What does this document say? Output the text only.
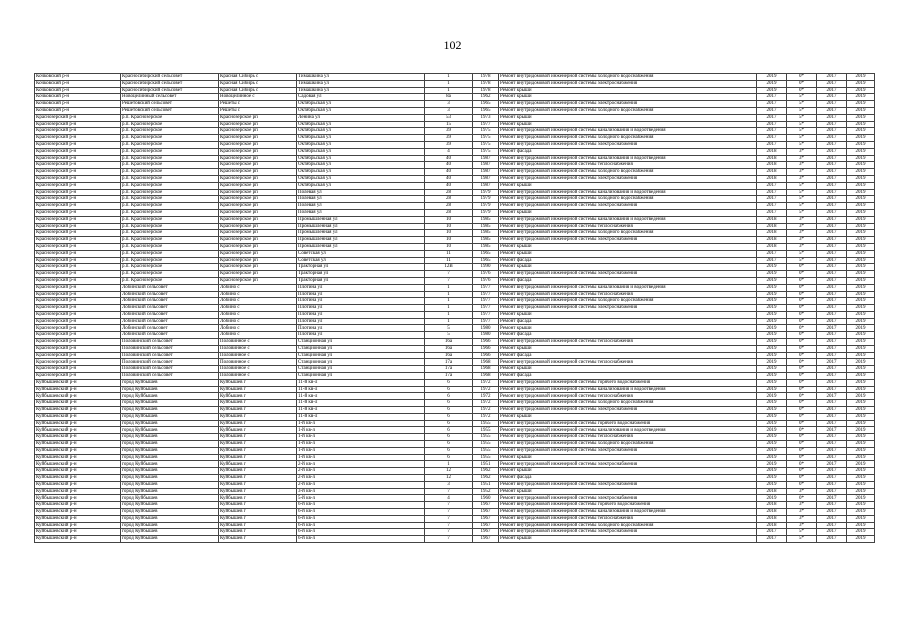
102
Кочковский р-н	Красносибирский сельсовет	Красная Сибирь с	Тимашкина ул	1	1978	Ремонт внутридомовой инженерной системы холодного водоснабжения	2019	0*	2017	2019
Кочковский р-н	Красносибирский сельсовет	Красная Сибирь с	Тимашкина ул	1	1978	Ремонт внутридомовой инженерной системы электроснабжения	2019	0*	2017	2019
Кочковский р-н	Красносибирский сельсовет	Красная Сибирь с	Тимашкина ул	1	1978	Ремонт крыши	2019	0*	2017	2019
Кочковский р-н	Новоцелинный сельсовет	Новоцелинное с	Садовая ул	8а	1962	Ремонт крыши	2017	5*	2017	2019
Кочковский р-н	Решетовский сельсовет	Решеты с	Октябрьская ул	3	1965	Ремонт внутридомовой инженерной системы электроснабжения	2017	5*	2017	2019
Кочковский р-н	Решетовский сельсовет	Решеты с	Октябрьская ул	3	1965	Ремонт внутридомовой инженерной системы холодного водоснабжения	2017	5*	2017	2019
Краснозерский р-н	р.п. Краснозерское	Краснозерское рп	Ленина ул	53	1973	Ремонт крыши	2017	5*	2017	2019
Краснозерский р-н	р.п. Краснозерское	Краснозерское рп	Октябрьская ул	15	1977	Ремонт крыши	2017	5*	2017	2019
Краснозерский р-н	р.п. Краснозерское	Краснозерское рп	Октябрьская ул	39	1975	Ремонт внутридомовой инженерной системы канализования и водоотведения	2017	5*	2017	2019
Краснозерский р-н	р.п. Краснозерское	Краснозерское рп	Октябрьская ул	39	1975	Ремонт внутридомовой инженерной системы холодного водоснабжения	2017	5*	2017	2019
Краснозерский р-н	р.п. Краснозерское	Краснозерское рп	Октябрьская ул	39	1975	Ремонт внутридомовой инженерной системы электроснабжения	2017	5*	2017	2019
Краснозерский р-н	р.п. Краснозерское	Краснозерское рп	Октябрьская ул	4	1975	Ремонт фасада	2018	3*	2017	2019
Краснозерский р-н	р.п. Краснозерское	Краснозерское рп	Октябрьская ул	40	1987	Ремонт внутридомовой инженерной системы канализования и водоотведения	2018	3*	2017	2019
Краснозерский р-н	р.п. Краснозерское	Краснозерское рп	Октябрьская ул	40	1987	Ремонт внутридомовой инженерной системы теплоснабжения	2018	3*	2017	2019
Краснозерский р-н	р.п. Краснозерское	Краснозерское рп	Октябрьская ул	40	1987	Ремонт внутридомовой инженерной системы холодного водоснабжения	2018	3*	2017	2019
Краснозерский р-н	р.п. Краснозерское	Краснозерское рп	Октябрьская ул	40	1987	Ремонт внутридомовой инженерной системы электроснабжения	2018	3*	2017	2019
Краснозерский р-н	р.п. Краснозерское	Краснозерское рп	Октябрьская ул	40	1987	Ремонт крыши	2017	5*	2017	2019
Краснозерский р-н	р.п. Краснозерское	Краснозерское рп	Полевая ул	28	1979	Ремонт внутридомовой инженерной системы канализования и водоотведения	2017	5*	2017	2019
Краснозерский р-н	р.п. Краснозерское	Краснозерское рп	Полевая ул	28	1979	Ремонт внутридомовой инженерной системы холодного водоснабжения	2017	5*	2017	2019
Краснозерский р-н	р.п. Краснозерское	Краснозерское рп	Полевая ул	28	1979	Ремонт внутридомовой инженерной системы электроснабжения	2017	5*	2017	2019
Краснозерский р-н	р.п. Краснозерское	Краснозерское рп	Полевая ул	28	1979	Ремонт крыши	2017	5*	2017	2019
Краснозерский р-н	р.п. Краснозерское	Краснозерское рп	Промышленная ул	10	1985	Ремонт внутридомовой инженерной системы канализования и водоотведения	2018	3*	2017	2019
Краснозерский р-н	р.п. Краснозерское	Краснозерское рп	Промышленная ул	10	1985	Ремонт внутридомовой инженерной системы теплоснабжения	2018	3*	2017	2019
Краснозерский р-н	р.п. Краснозерское	Краснозерское рп	Промышленная ул	10	1985	Ремонт внутридомовой инженерной системы холодного водоснабжения	2018	3*	2017	2019
Краснозерский р-н	р.п. Краснозерское	Краснозерское рп	Промышленная ул	10	1985	Ремонт внутридомовой инженерной системы электроснабжения	2018	3*	2017	2019
Краснозерский р-н	р.п. Краснозерское	Краснозерское рп	Промышленная ул	10	1985	Ремонт крыши	2018	3*	2017	2019
Краснозерский р-н	р.п. Краснозерское	Краснозерское рп	Советская ул	11	1965	Ремонт крыши	2017	5*	2017	2019
Краснозерский р-н	р.п. Краснозерское	Краснозерское рп	Советская ул	11	1965	Ремонт фасада	2017	5*	2017	2019
Краснозерский р-н	р.п. Краснозерское	Краснозерское рп	Тракторная ул	12В	1990	Ремонт крыши	2019	0*	2017	2019
Краснозерский р-н	р.п. Краснозерское	Краснозерское рп	Тракторная ул	7	1976	Ремонт внутридомовой инженерной системы электроснабжения	2019	0*	2017	2019
Краснозерский р-н	р.п. Краснозерское	Краснозерское рп	Тракторная ул	7	1976	Ремонт фасада	2019	0*	2017	2019
Краснозерский р-н	Лобинский сельсовет	Лобино с	Плотина ул	1	1977	Ремонт внутридомовой инженерной системы канализования и водоотведения	2019	0*	2017	2019
Краснозерский р-н	Лобинский сельсовет	Лобино с	Плотина ул	1	1977	Ремонт внутридомовой инженерной системы теплоснабжения	2019	0*	2017	2019
Краснозерский р-н	Лобинский сельсовет	Лобино с	Плотина ул	1	1977	Ремонт внутридомовой инженерной системы холодного водоснабжения	2019	0*	2017	2019
Краснозерский р-н	Лобинский сельсовет	Лобино с	Плотина ул	1	1977	Ремонт внутридомовой инженерной системы электроснабжения	2019	0*	2017	2019
Краснозерский р-н	Лобинский сельсовет	Лобино с	Плотина ул	1	1977	Ремонт крыши	2019	0*	2017	2019
Краснозерский р-н	Лобинский сельсовет	Лобино с	Плотина ул	1	1977	Ремонт фасада	2019	0*	2017	2019
Краснозерский р-н	Лобинский сельсовет	Лобино с	Плотина ул	5	1980	Ремонт крыши	2019	0*	2017	2019
Краснозерский р-н	Лобинский сельсовет	Лобино с	Плотина ул	5	1980	Ремонт фасада	2019	0*	2017	2019
Краснозерский р-н	Половинский сельсовет	Половинное с	Станционная ул	16а	1966	Ремонт внутридомовой инженерной системы теплоснабжения	2019	0*	2017	2019
Краснозерский р-н	Половинский сельсовет	Половинное с	Станционная ул	16а	1966	Ремонт крыши	2019	0*	2017	2019
Краснозерский р-н	Половинский сельсовет	Половинное с	Станционная ул	16а	1966	Ремонт фасада	2019	0*	2017	2019
Краснозерский р-н	Половинский сельсовет	Половинное с	Станционная ул	17а	1968	Ремонт внутридомовой инженерной системы теплоснабжения	2019	0*	2017	2019
Краснозерский р-н	Половинский сельсовет	Половинное с	Станционная ул	17а	1968	Ремонт крыши	2019	0*	2017	2019
Краснозерский р-н	Половинский сельсовет	Половинное с	Станционная ул	17а	1968	Ремонт фасада	2019	0*	2017	2019
Куйбышевский р-н	город Куйбышев	Куйбышев г	11-й кв-л	6	1972	Ремонт внутридомовой инженерной системы горячего водоснабжения	2019	0*	2017	2019
Куйбышевский р-н	город Куйбышев	Куйбышев г	11-й кв-л	6	1972	Ремонт внутридомовой инженерной системы канализования и водоотведения	2019	0*	2017	2019
Куйбышевский р-н	город Куйбышев	Куйбышев г	11-й кв-л	6	1972	Ремонт внутридомовой инженерной системы теплоснабжения	2019	0*	2017	2019
Куйбышевский р-н	город Куйбышев	Куйбышев г	11-й кв-л	6	1972	Ремонт внутридомовой инженерной системы холодного водоснабжения	2019	0*	2017	2019
Куйбышевский р-н	город Куйбышев	Куйбышев г	11-й кв-л	6	1972	Ремонт внутридомовой инженерной системы электроснабжения	2019	0*	2017	2019
Куйбышевский р-н	город Куйбышев	Куйбышев г	11-й кв-л	6	1972	Ремонт крыши	2019	0*	2017	2019
Куйбышевский р-н	город Куйбышев	Куйбышев г	1-й кв-л	6	1955	Ремонт внутридомовой инженерной системы горячего водоснабжения	2019	0*	2017	2019
Куйбышевский р-н	город Куйбышев	Куйбышев г	1-й кв-л	6	1955	Ремонт внутридомовой инженерной системы канализования и водоотведения	2019	0*	2017	2019
Куйбышевский р-н	город Куйбышев	Куйбышев г	1-й кв-л	6	1955	Ремонт внутридомовой инженерной системы теплоснабжения	2019	0*	2017	2019
Куйбышевский р-н	город Куйбышев	Куйбышев г	1-й кв-л	6	1955	Ремонт внутридомовой инженерной системы холодного водоснабжения	2019	0*	2017	2019
Куйбышевский р-н	город Куйбышев	Куйбышев г	1-й кв-л	6	1955	Ремонт внутридомовой инженерной системы электроснабжения	2019	0*	2017	2019
Куйбышевский р-н	город Куйбышев	Куйбышев г	1-й кв-л	6	1955	Ремонт крыши	2019	0*	2017	2019
Куйбышевский р-н	город Куйбышев	Куйбышев г	2-й кв-л	1	1951	Ремонт внутридомовой инженерной системы электроснабжения	2019	0*	2017	2019
Куйбышевский р-н	город Куйбышев	Куйбышев г	2-й кв-л	12	1962	Ремонт крыши	2019	0*	2017	2019
Куйбышевский р-н	город Куйбышев	Куйбышев г	2-й кв-л	12	1962	Ремонт фасада	2019	0*	2017	2019
Куйбышевский р-н	город Куйбышев	Куйбышев г	2-й кв-л	3	1951	Ремонт внутридомовой инженерной системы электроснабжения	2019	0*	2017	2019
Куйбышевский р-н	город Куйбышев	Куйбышев г	3-й кв-л	7	1952	Ремонт крыши	2018	3*	2017	2019
Куйбышевский р-н	город Куйбышев	Куйбышев г	5-й кв-л	4	1960	Ремонт внутридомовой инженерной системы электроснабжения	2019	0*	2017	2019
Куйбышевский р-н	город Куйбышев	Куйбышев г	6-й кв-л	7	1967	Ремонт внутридомовой инженерной системы горячего водоснабжения	2018	3*	2017	2019
Куйбышевский р-н	город Куйбышев	Куйбышев г	6-й кв-л	7	1967	Ремонт внутридомовой инженерной системы канализования и водоотведения	2018	3*	2017	2019
Куйбышевский р-н	город Куйбышев	Куйбышев г	6-й кв-л	7	1967	Ремонт внутридомовой инженерной системы теплоснабжения	2018	3*	2017	2019
Куйбышевский р-н	город Куйбышев	Куйбышев г	6-й кв-л	7	1967	Ремонт внутридомовой инженерной системы холодного водоснабжения	2018	3*	2017	2019
Куйбышевский р-н	город Куйбышев	Куйбышев г	6-й кв-л	7	1967	Ремонт внутридомовой инженерной системы электроснабжения	2017	5*	2017	2019
Куйбышевский р-н	город Куйбышев	Куйбышев г	6-й кв-л	7	1967	Ремонт крыши	2017	5*	2017	2019
